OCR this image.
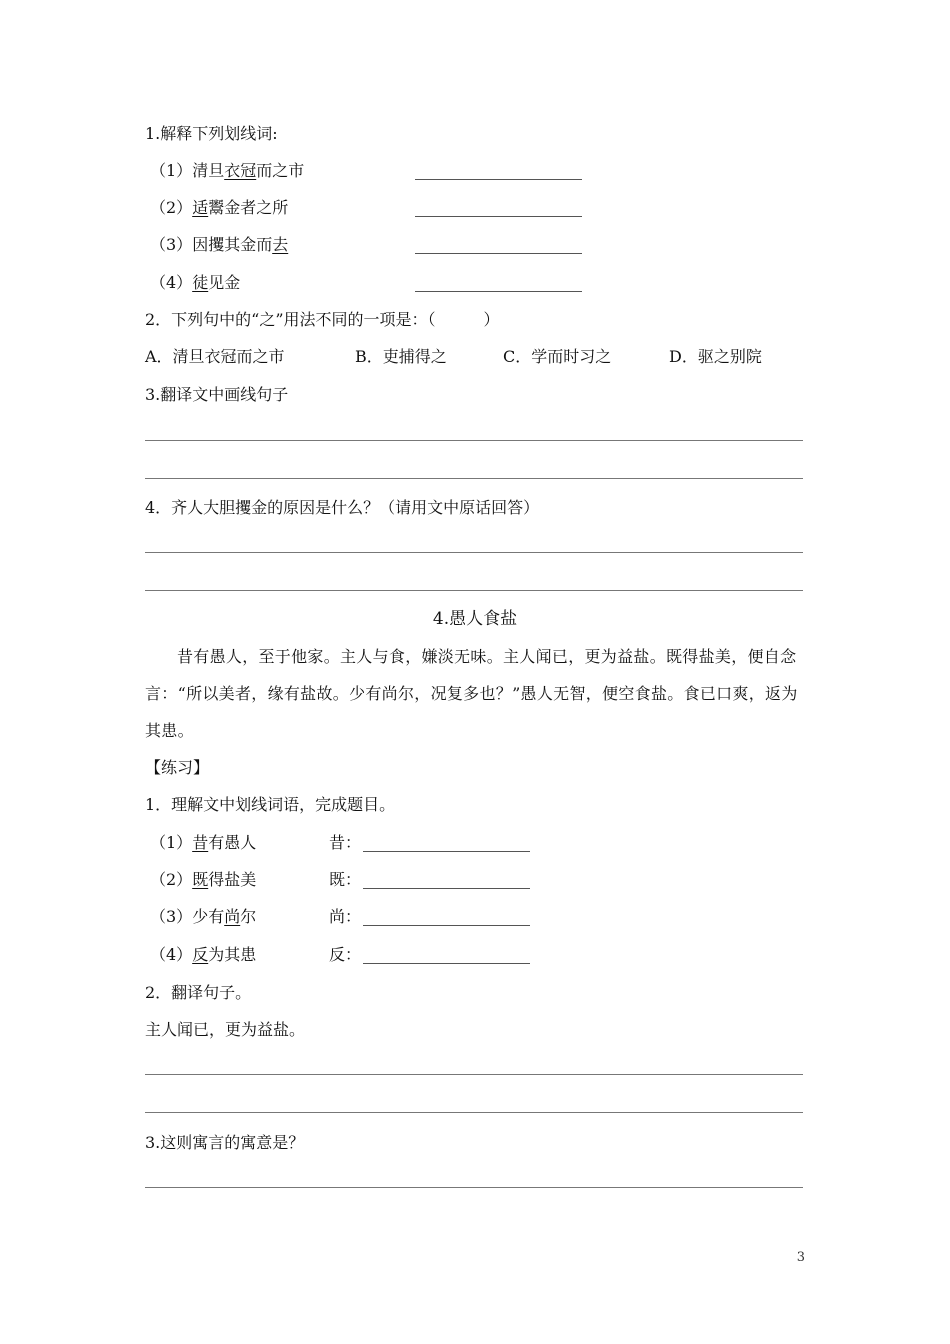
1.解释下列划线词:
（1）清旦衣冠而之市
（2）适鬻金者之所
（3）因攫其金而去
（4）徒见金
2．下列句中的“之”用法不同的一项是：（　　　）
A．清旦衣冠而之市	B．吏捕得之	C．学而时习之	D．驱之别院
3.翻译文中画线句子
4．齐人大胆攫金的原因是什么？（请用文中原话回答）
4.愚人食盐
昔有愚人，至于他家。主人与食，嫌淡无味。主人闻已，更为益盐。既得盐美，便自念言：“所以美者，缘有盐故。少有尚尔，况复多也？”愚人无智，便空食盐。食已口爽，返为其患。
【练习】
1．理解文中划线词语，完成题目。
（1）昔有愚人	昔：
（2）既得盐美	既：
（3）少有尚尔	尚：
（4）反为其患	反：
2．翻译句子。
主人闻已，更为益盐。
3.这则寓言的寓意是？
3
